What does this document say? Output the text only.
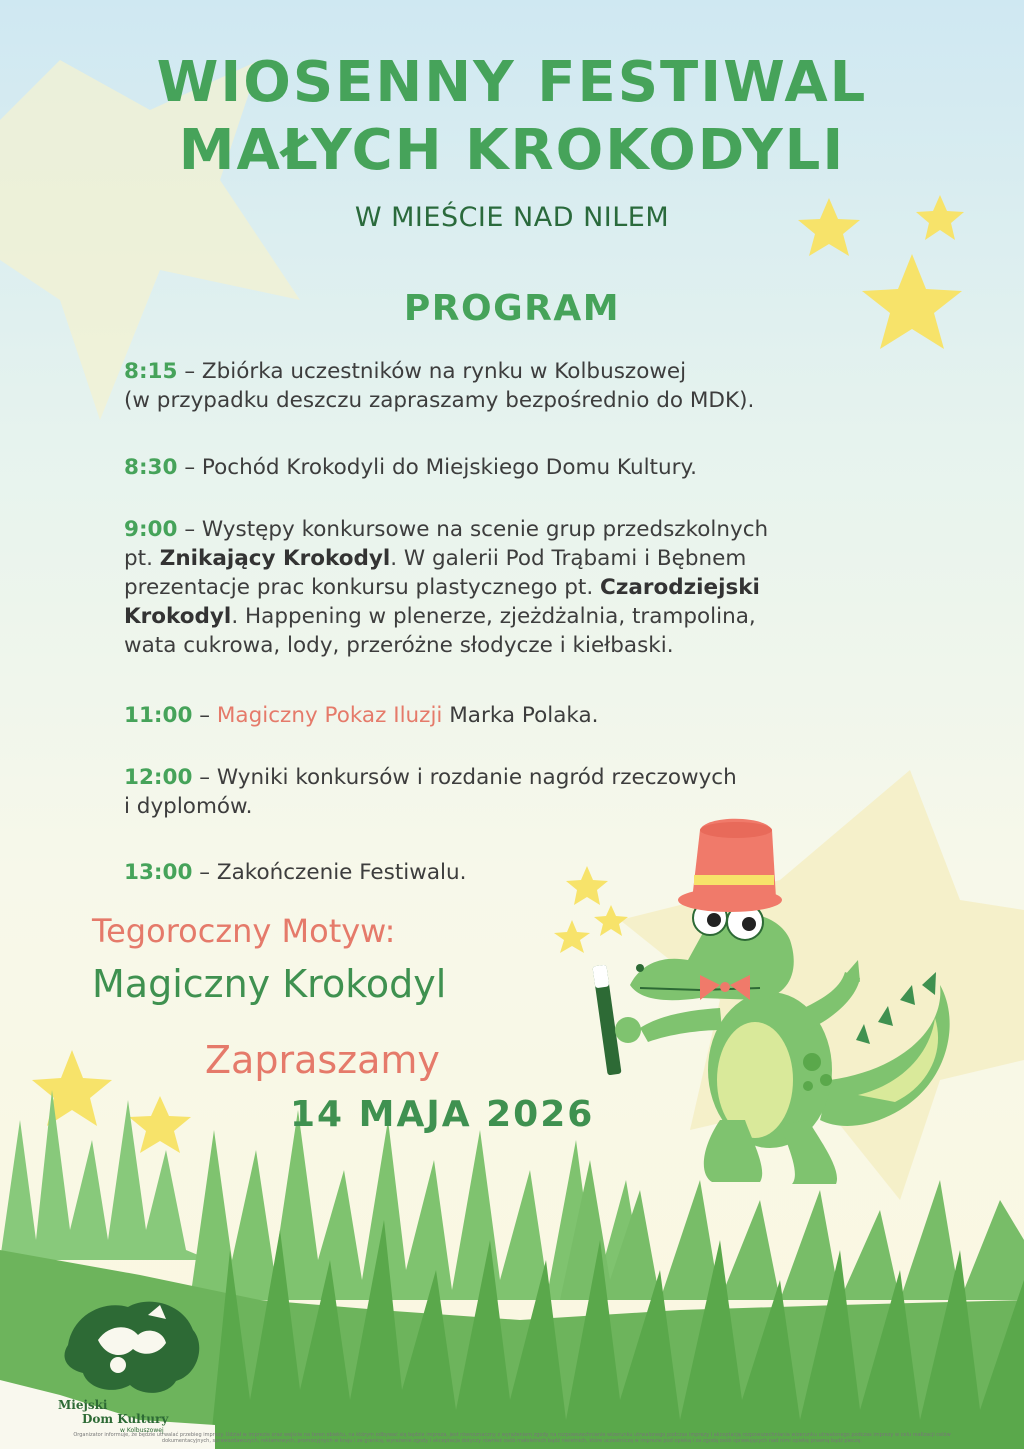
WIOSENNY FESTIWAL
MAŁYCH KROKODYLI
W MIEŚCIE NAD NILEM
PROGRAM
8:15 – Zbiórka uczestników na rynku w Kolbuszowej
(w przypadku deszczu zapraszamy bezpośrednio do MDK).
8:30 – Pochód Krokodyli do Miejskiego Domu Kultury.
9:00 – Występy konkursowe na scenie grup przedszkolnych
pt. Znikający Krokodyl. W galerii Pod Trąbami i Bębnem
prezentacje prac konkursu plastycznego pt. Czarodziejski
Krokodyl. Happening w plenerze, zjeżdżalnia, trampolina,
wata cukrowa, lody, przeróżne słodycze i kiełbaski.
11:00 – Magiczny Pokaz Iluzji Marka Polaka.
12:00 – Wyniki konkursów i rozdanie nagród rzeczowych
i dyplomów.
13:00 – Zakończenie Festiwalu.
Tegoroczny Motyw:
Magiczny Krokodyl
Zapraszamy
14 MAJA 2026
Miejski
Dom Kultury
w Kolbuszowej
Organizator informuje, że będzie utrwalać przebieg imprezy. Udział w imprezie oraz wejście na teren obiektu, na którym odbywać się będzie impreza, jest równoznaczny z wyrażeniem zgody na rozpowszechnianie wizerunku utrwalonego podczas imprezy i akceptacją rozpowszechniania wizerunku utrwalonego podczas imprezy w celu realizacji celów dokumentacyjnych, sprawozdawczych, reklamowych, promocyjnych w kraju i za granicą, wyrażenie zgody i akceptacja dotyczy również osób małoletnich bądź nieletnich, które uczestniczą w imprezie pod opieką i za zgodą osób sprawujących nad nimi opiekę prawną bądź pieczę.
